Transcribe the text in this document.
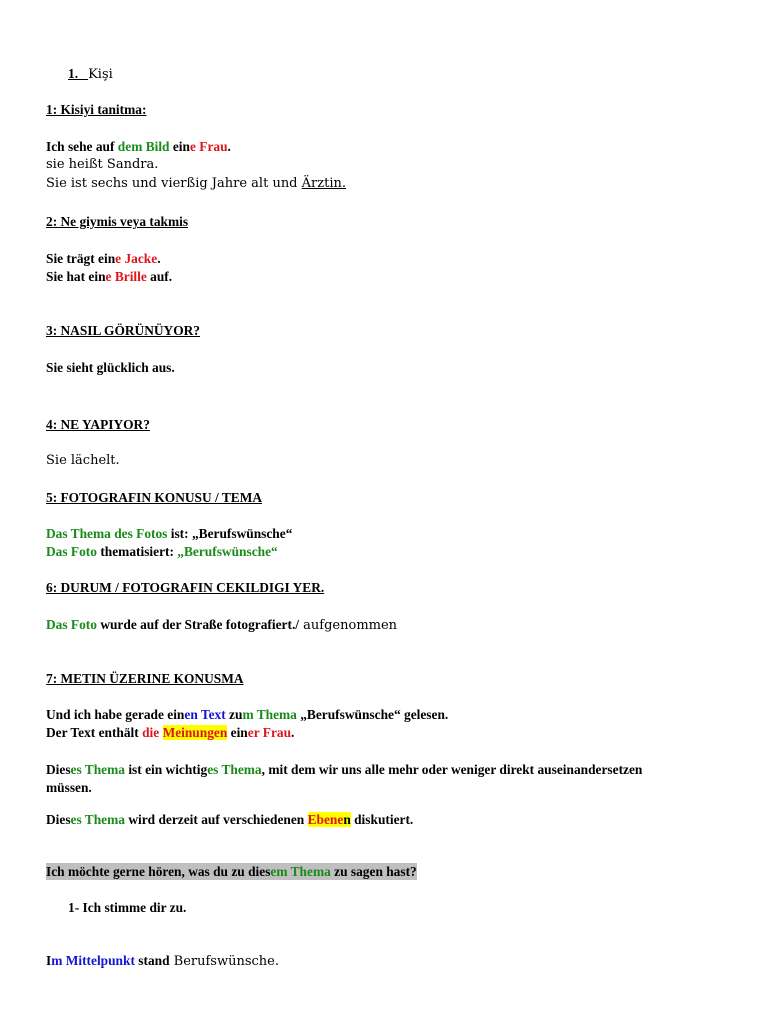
1. Kişi
1: Kisiyi tanitma:
Ich sehe auf dem Bild eine Frau.
sie heißt Sandra.
Sie ist sechs und vierßig Jahre alt und Ärztin.
2: Ne giymis veya takmis
Sie trägt eine Jacke.
Sie hat eine Brille auf.
3: NASIL GÖRÜNÜYOR?
Sie sieht glücklich aus.
4: NE YAPIYOR?
Sie lächelt.
5: FOTOGRAFIN KONUSU / TEMA
Das Thema des Fotos ist: „Berufswünsche“
Das Foto thematisiert: „Berufswünsche“
6: DURUM / FOTOGRAFIN CEKILDIGI YER.
Das Foto wurde auf der Straße fotografiert./ aufgenommen
7: METIN ÜZERINE KONUSMA
Und ich habe gerade einen Text zum Thema „Berufswünsche“ gelesen.
Der Text enthält die Meinungen einer Frau.
Dieses Thema ist ein wichtiges Thema, mit dem wir uns alle mehr oder weniger direkt auseinandersetzen
müssen.
Dieses Thema wird derzeit auf verschiedenen Ebenen diskutiert.
Ich möchte gerne hören, was du zu diesem Thema zu sagen hast?
1- Ich stimme dir zu.
Im Mittelpunkt stand Berufswünsche.
